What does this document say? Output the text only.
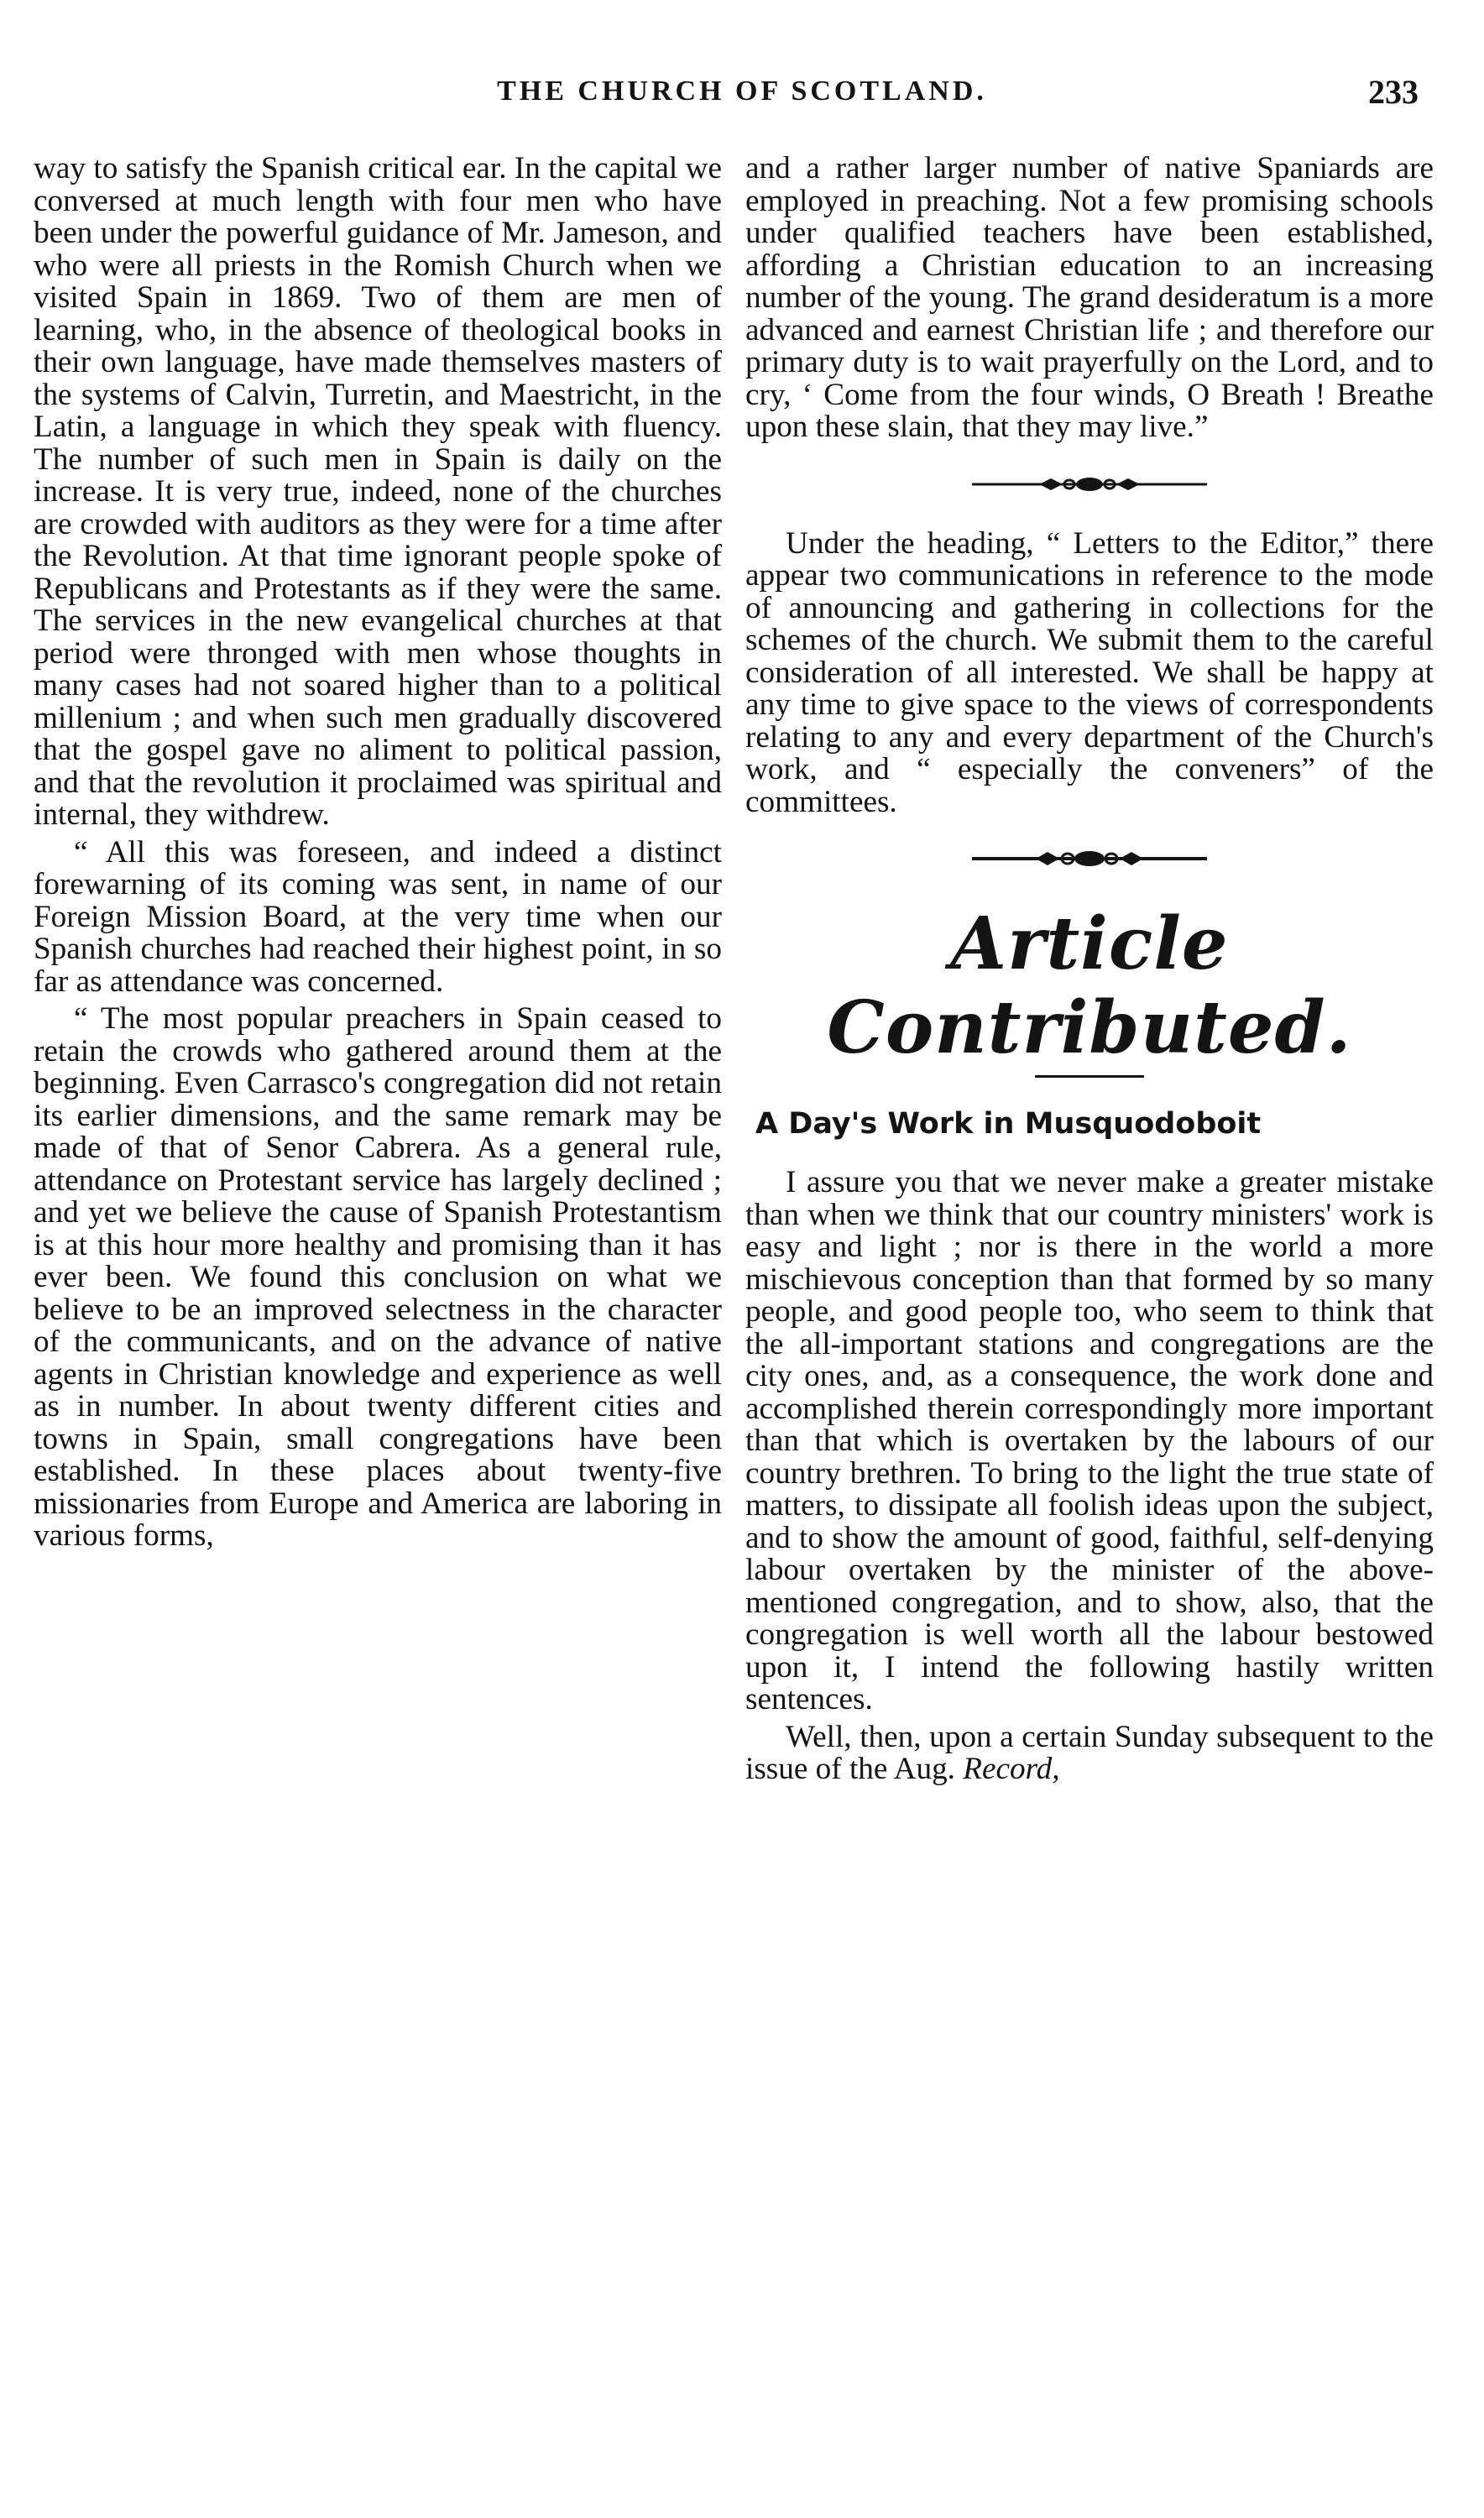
THE CHURCH OF SCOTLAND.	233

way to satisfy the Spanish critical ear. In the capital we conversed at much length with four men who have been under the powerful guidance of Mr. Jameson, and who were all priests in the Romish Church when we visited Spain in 1869. Two of them are men of learning, who, in the absence of theological books in their own language, have made themselves masters of the systems of Calvin, Turretin, and Maestricht, in the Latin, a language in which they speak with fluency. The number of such men in Spain is daily on the increase. It is very true, indeed, none of the churches are crowded with auditors as they were for a time after the Revolution. At that time ignorant people spoke of Republicans and Protestants as if they were the same. The services in the new evangelical churches at that period were thronged with men whose thoughts in many cases had not soared higher than to a political millenium ; and when such men gradually discovered that the gospel gave no aliment to political passion, and that the revolution it proclaimed was spiritual and internal, they withdrew.

“ All this was foreseen, and indeed a distinct forewarning of its coming was sent, in name of our Foreign Mission Board, at the very time when our Spanish churches had reached their highest point, in so far as attendance was concerned.

“ The most popular preachers in Spain ceased to retain the crowds who gathered around them at the beginning. Even Carrasco's congregation did not retain its earlier dimensions, and the same remark may be made of that of Senor Cabrera. As a general rule, attendance on Protestant service has largely declined ; and yet we believe the cause of Spanish Protestantism is at this hour more healthy and promising than it has ever been. We found this conclusion on what we believe to be an improved selectness in the character of the communicants, and on the advance of native agents in Christian knowledge and experience as well as in number. In about twenty different cities and towns in Spain, small congregations have been established. In these places about twenty-five missionaries from Europe and America are laboring in various forms,

and a rather larger number of native Spaniards are employed in preaching. Not a few promising schools under qualified teachers have been established, affording a Christian education to an increasing number of the young. The grand desideratum is a more advanced and earnest Christian life ; and therefore our primary duty is to wait prayerfully on the Lord, and to cry, ‘ Come from the four winds, O Breath ! Breathe upon these slain, that they may live.”

Under the heading, “ Letters to the Editor,” there appear two communications in reference to the mode of announcing and gathering in collections for the schemes of the church. We submit them to the careful consideration of all interested. We shall be happy at any time to give space to the views of correspondents relating to any and every department of the Church's work, and “ especially the conveners” of the committees.

Article Contributed.
A Day's Work in Musquodoboit

I assure you that we never make a greater mistake than when we think that our country ministers' work is easy and light ; nor is there in the world a more mischievous conception than that formed by so many people, and good people too, who seem to think that the all-important stations and congregations are the city ones, and, as a consequence, the work done and accomplished therein correspondingly more important than that which is overtaken by the labours of our country brethren. To bring to the light the true state of matters, to dissipate all foolish ideas upon the subject, and to show the amount of good, faithful, self-denying labour overtaken by the minister of the above-mentioned congregation, and to show, also, that the congregation is well worth all the labour bestowed upon it, I intend the following hastily written sentences.

Well, then, upon a certain Sunday subsequent to the issue of the Aug. Record,
